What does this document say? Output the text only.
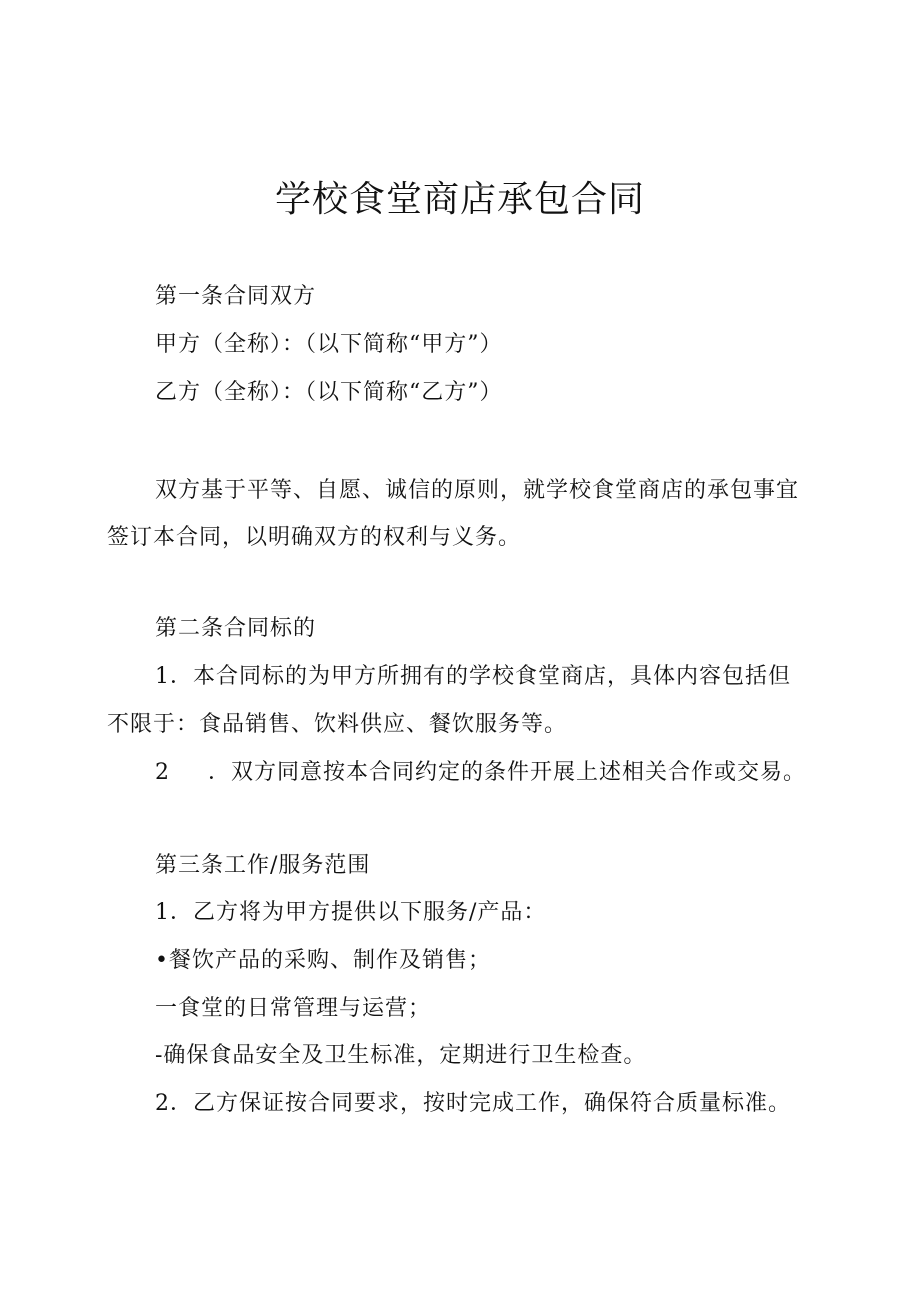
学校食堂商店承包合同

第一条合同双方

甲方（全称）：（以下简称“甲方”）

乙方（全称）：（以下简称“乙方”）

双方基于平等、自愿、诚信的原则，就学校食堂商店的承包事宜

签订本合同，以明确双方的权利与义务。

第二条合同标的

1．本合同标的为甲方所拥有的学校食堂商店，具体内容包括但

不限于：食品销售、饮料供应、餐饮服务等。

2 ．双方同意按本合同约定的条件开展上述相关合作或交易。

第三条工作/服务范围

1．乙方将为甲方提供以下服务/产品：

•餐饮产品的采购、制作及销售；

一食堂的日常管理与运营；

-确保食品安全及卫生标准，定期进行卫生检查。

2．乙方保证按合同要求，按时完成工作，确保符合质量标准。
